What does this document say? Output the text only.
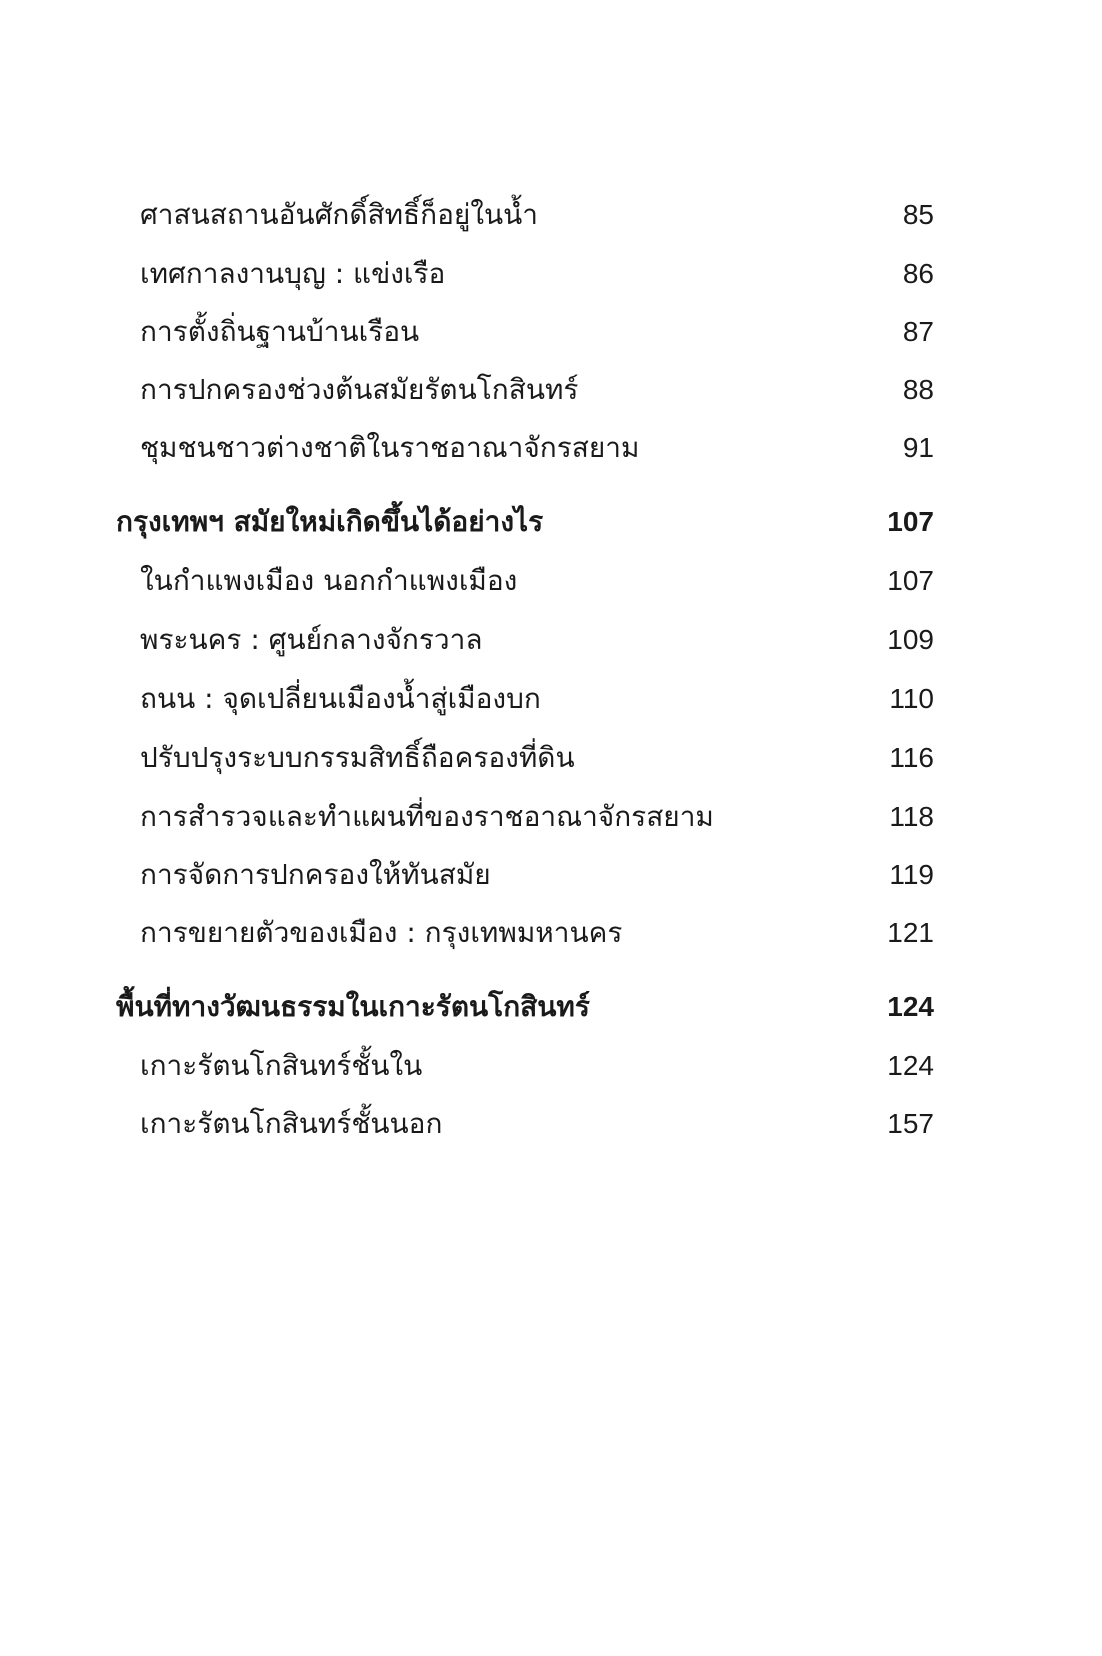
ศาสนสถานอันศักดิ์สิทธิ์ก็อยู่ในน้ำ	85
เทศกาลงานบุญ : แข่งเรือ	86
การตั้งถิ่นฐานบ้านเรือน	87
การปกครองช่วงต้นสมัยรัตนโกสินทร์	88
ชุมชนชาวต่างชาติในราชอาณาจักรสยาม	91
กรุงเทพฯ สมัยใหม่เกิดขึ้นได้อย่างไร	107
ในกำแพงเมือง นอกกำแพงเมือง	107
พระนคร : ศูนย์กลางจักรวาล	109
ถนน : จุดเปลี่ยนเมืองน้ำสู่เมืองบก	110
ปรับปรุงระบบกรรมสิทธิ์ถือครองที่ดิน	116
การสำรวจและทำแผนที่ของราชอาณาจักรสยาม	118
การจัดการปกครองให้ทันสมัย	119
การขยายตัวของเมือง : กรุงเทพมหานคร	121
พื้นที่ทางวัฒนธรรมในเกาะรัตนโกสินทร์	124
เกาะรัตนโกสินทร์ชั้นใน	124
เกาะรัตนโกสินทร์ชั้นนอก	157
